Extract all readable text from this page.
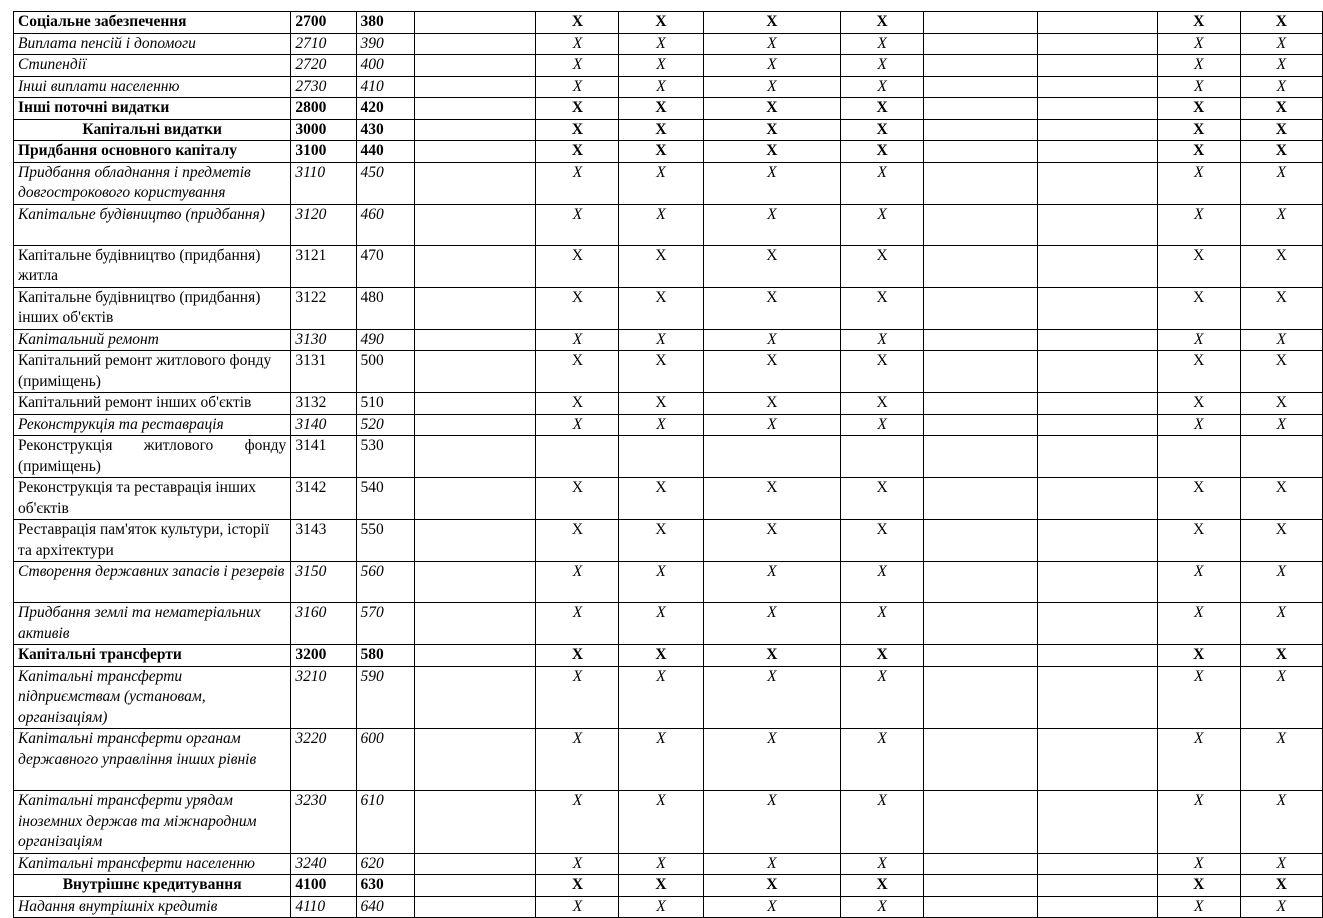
Соціальне забезпечення	2700	380		X	X	X	X			X	X
Виплата пенсій і допомоги	2710	390		X	X	X	X			X	X
Стипендії	2720	400		X	X	X	X			X	X
Інші виплати населенню	2730	410		X	X	X	X			X	X
Інші поточні видатки	2800	420		X	X	X	X			X	X
Капітальні видатки	3000	430		X	X	X	X			X	X
Придбання основного капіталу	3100	440		X	X	X	X			X	X
Придбання обладнання і предметів довгострокового користування	3110	450		X	X	X	X			X	X
Капітальне будівництво (придбання)	3120	460		X	X	X	X			X	X
Капітальне будівництво (придбання) житла	3121	470		X	X	X	X			X	X
Капітальне будівництво (придбання) інших об'єктів	3122	480		X	X	X	X			X	X
Капітальний ремонт	3130	490		X	X	X	X			X	X
Капітальний ремонт житлового фонду (приміщень)	3131	500		X	X	X	X			X	X
Капітальний ремонт інших об'єктів	3132	510		X	X	X	X			X	X
Реконструкція та реставрація	3140	520		X	X	X	X			X	X
Реконструкція житлового фонду (приміщень)	3141	530									
Реконструкція та реставрація інших об'єктів	3142	540		X	X	X	X			X	X
Реставрація пам'яток культури, історії та архітектури	3143	550		X	X	X	X			X	X
Створення державних запасів і резервів	3150	560		X	X	X	X			X	X
Придбання землі та нематеріальних активів	3160	570		X	X	X	X			X	X
Капітальні трансферти	3200	580		X	X	X	X			X	X
Капітальні трансферти підприємствам (установам, організаціям)	3210	590		X	X	X	X			X	X
Капітальні трансферти органам державного управління інших рівнів	3220	600		X	X	X	X			X	X
Капітальні трансферти урядам іноземних держав та міжнародним організаціям	3230	610		X	X	X	X			X	X
Капітальні трансферти населенню	3240	620		X	X	X	X			X	X
Внутрішнє кредитування	4100	630		X	X	X	X			X	X
Надання внутрішніх кредитів	4110	640		X	X	X	X			X	X
